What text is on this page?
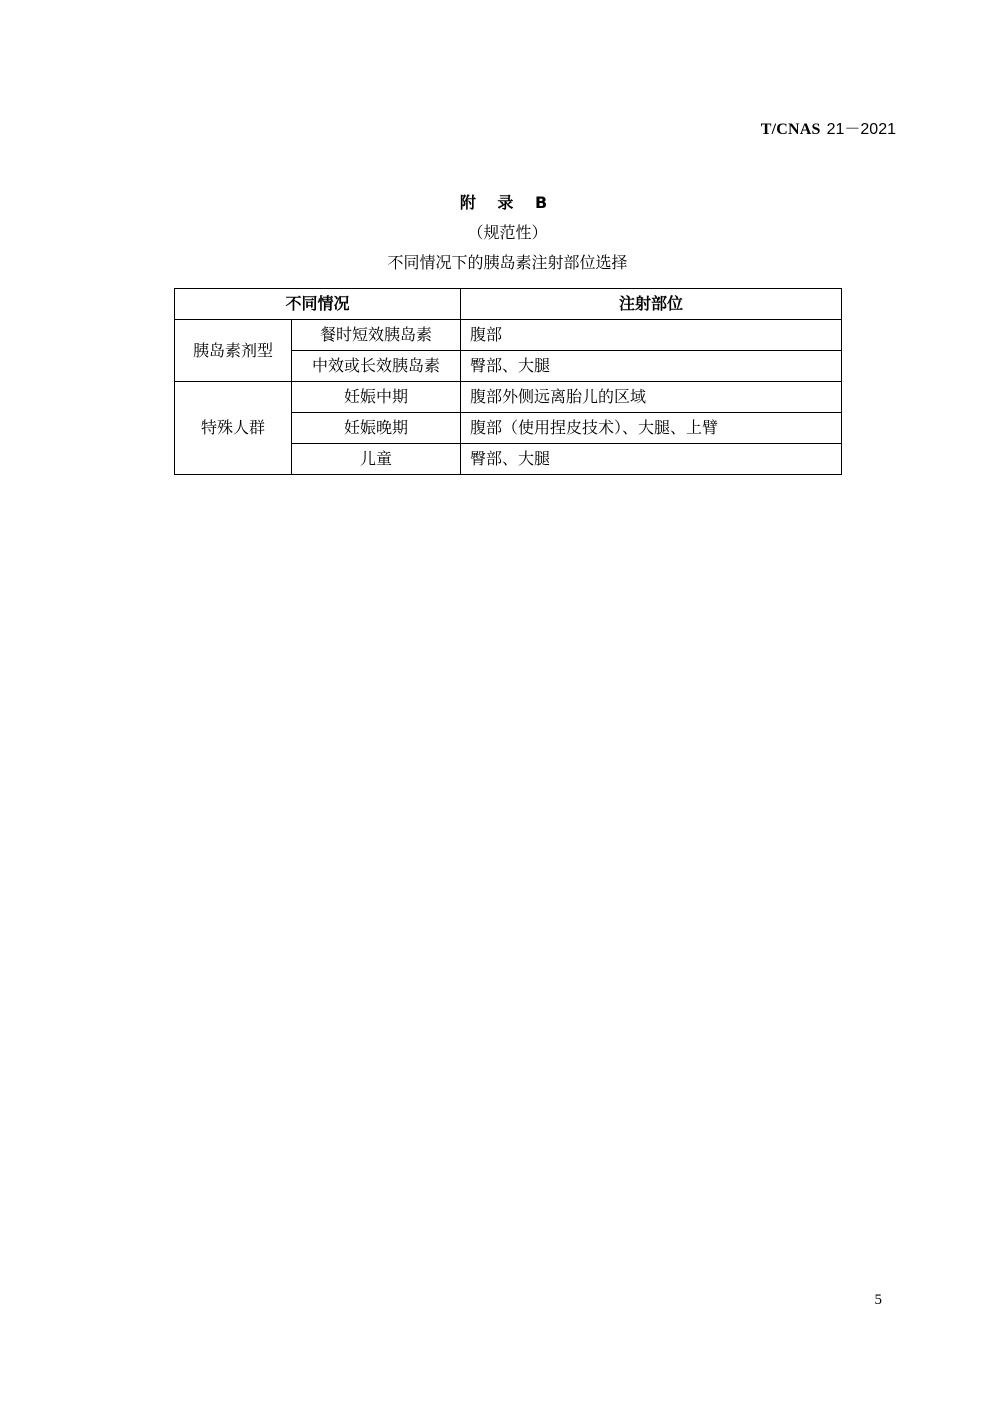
T/CNAS 21－2021
附 录 B
（规范性）
不同情况下的胰岛素注射部位选择
不同情况		注射部位
胰岛素剂型	餐时短效胰岛素	腹部
	中效或长效胰岛素	臀部、大腿
特殊人群	妊娠中期	腹部外侧远离胎儿的区域
	妊娠晚期	腹部（使用捏皮技术）、大腿、上臂
	儿童	臀部、大腿
5
